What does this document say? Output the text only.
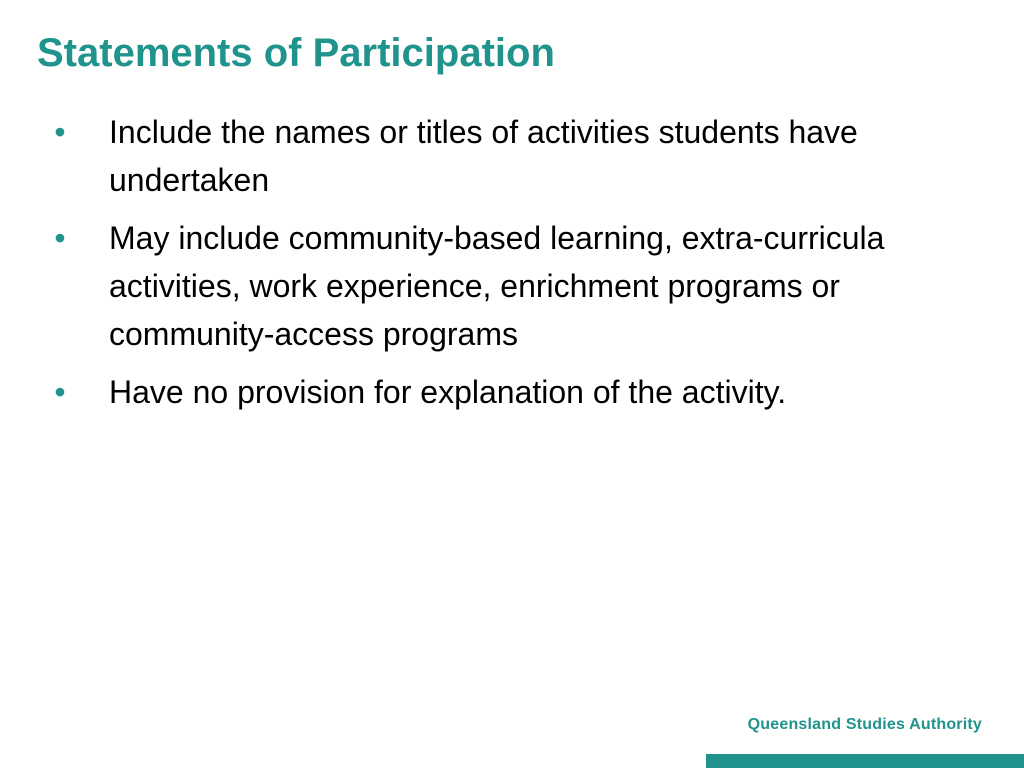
Statements of Participation
• Include the names or titles of activities students have undertaken
• May include community-based learning, extra-curricula activities, work experience, enrichment programs or community-access programs
• Have no provision for explanation of the activity.
Queensland Studies Authority
